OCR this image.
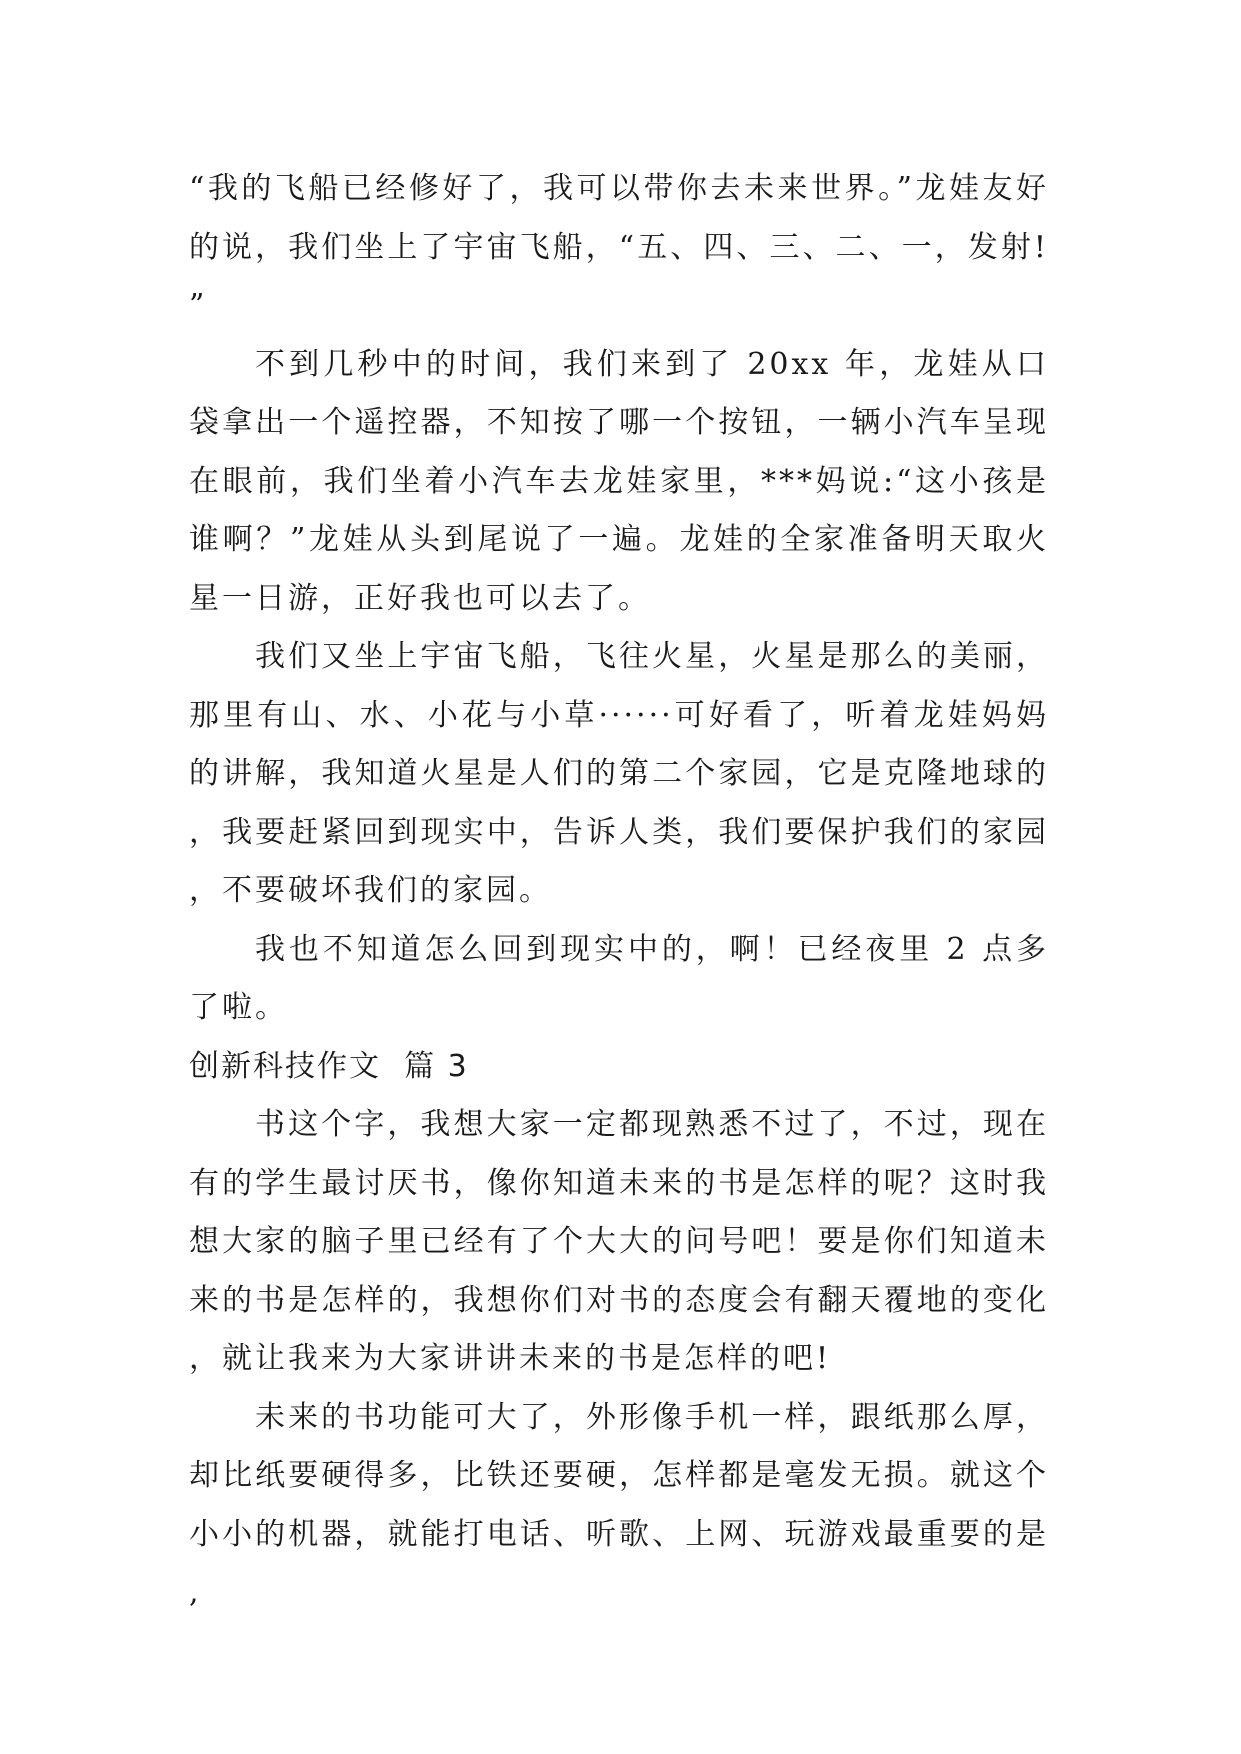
“我的飞船已经修好了，我可以带你去未来世界。”龙娃友好的说，我们坐上了宇宙飞船，“五、四、三、二、一，发射!”

不到几秒中的时间，我们来到了 20xx 年，龙娃从口袋拿出一个遥控器，不知按了哪一个按钮，一辆小汽车呈现在眼前，我们坐着小汽车去龙娃家里，***妈说:“这小孩是谁啊？”龙娃从头到尾说了一遍。龙娃的全家准备明天取火星一日游，正好我也可以去了。

我们又坐上宇宙飞船，飞往火星，火星是那么的美丽，那里有山、水、小花与小草······可好看了，听着龙娃妈妈的讲解，我知道火星是人们的第二个家园，它是克隆地球的，我要赶紧回到现实中，告诉人类，我们要保护我们的家园，不要破坏我们的家园。

我也不知道怎么回到现实中的，啊！已经夜里 2 点多了啦。

创新科技作文  篇 3

书这个字，我想大家一定都现熟悉不过了，不过，现在有的学生最讨厌书，像你知道未来的书是怎样的呢？这时我想大家的脑子里已经有了个大大的问号吧！要是你们知道未来的书是怎样的，我想你们对书的态度会有翻天覆地的变化，就让我来为大家讲讲未来的书是怎样的吧!

未来的书功能可大了，外形像手机一样，跟纸那么厚，却比纸要硬得多，比铁还要硬，怎样都是毫发无损。就这个小小的机器，就能打电话、听歌、上网、玩游戏最重要的是,
